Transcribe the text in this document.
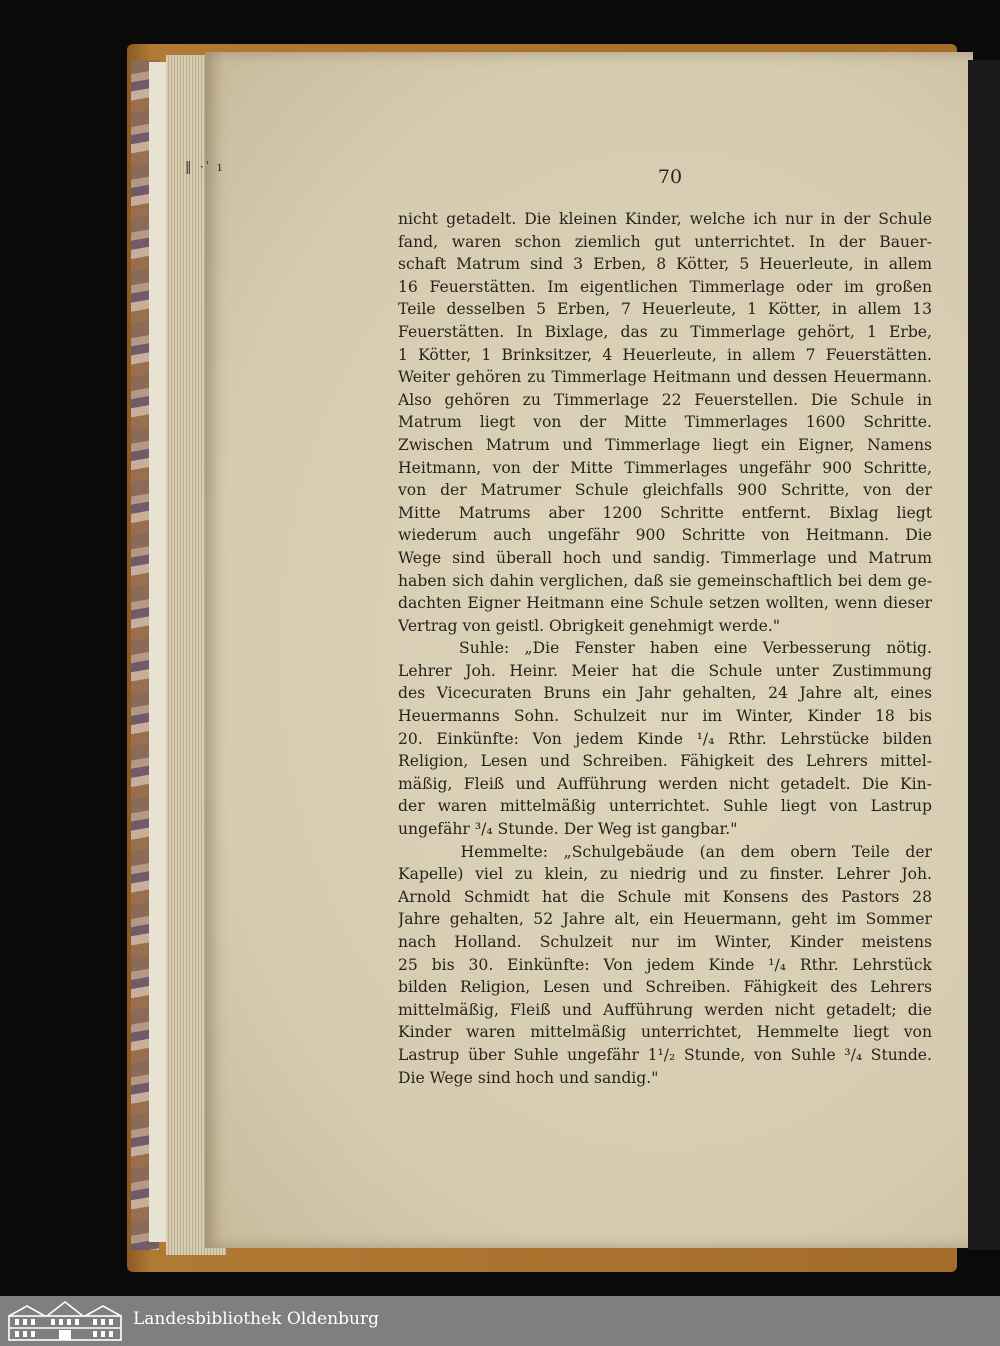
‖ ·ˈ ı	70
nicht getadelt. Die kleinen Kinder, welche ich nur in der Schule
fand, waren schon ziemlich gut unterrichtet. In der Bauer-
schaft Matrum sind 3 Erben, 8 Kötter, 5 Heuerleute, in allem
16 Feuerstätten. Im eigentlichen Timmerlage oder im großen
Teile desselben 5 Erben, 7 Heuerleute, 1 Kötter, in allem 13
Feuerstätten. In Bixlage, das zu Timmerlage gehört, 1 Erbe,
1 Kötter, 1 Brinksitzer, 4 Heuerleute, in allem 7 Feuerstätten.
Weiter gehören zu Timmerlage Heitmann und dessen Heuermann.
Also gehören zu Timmerlage 22 Feuerstellen. Die Schule in
Matrum liegt von der Mitte Timmerlages 1600 Schritte.
Zwischen Matrum und Timmerlage liegt ein Eigner, Namens
Heitmann, von der Mitte Timmerlages ungefähr 900 Schritte,
von der Matrumer Schule gleichfalls 900 Schritte, von der
Mitte Matrums aber 1200 Schritte entfernt. Bixlag liegt
wiederum auch ungefähr 900 Schritte von Heitmann. Die
Wege sind überall hoch und sandig. Timmerlage und Matrum
haben sich dahin verglichen, daß sie gemeinschaftlich bei dem ge-
dachten Eigner Heitmann eine Schule setzen wollten, wenn dieser
Vertrag von geistl. Obrigkeit genehmigt werde."
Suhle: „Die Fenster haben eine Verbesserung nötig.
Lehrer Joh. Heinr. Meier hat die Schule unter Zustimmung
des Vicecuraten Bruns ein Jahr gehalten, 24 Jahre alt, eines
Heuermanns Sohn. Schulzeit nur im Winter, Kinder 18 bis
20. Einkünfte: Von jedem Kinde ¹/₄ Rthr. Lehrstücke bilden
Religion, Lesen und Schreiben. Fähigkeit des Lehrers mittel-
mäßig, Fleiß und Aufführung werden nicht getadelt. Die Kin-
der waren mittelmäßig unterrichtet. Suhle liegt von Lastrup
ungefähr ³/₄ Stunde. Der Weg ist gangbar."
Hemmelte: „Schulgebäude (an dem obern Teile der
Kapelle) viel zu klein, zu niedrig und zu finster. Lehrer Joh.
Arnold Schmidt hat die Schule mit Konsens des Pastors 28
Jahre gehalten, 52 Jahre alt, ein Heuermann, geht im Sommer
nach Holland. Schulzeit nur im Winter, Kinder meistens
25 bis 30. Einkünfte: Von jedem Kinde ¹/₄ Rthr. Lehrstück
bilden Religion, Lesen und Schreiben. Fähigkeit des Lehrers
mittelmäßig, Fleiß und Aufführung werden nicht getadelt; die
Kinder waren mittelmäßig unterrichtet, Hemmelte liegt von
Lastrup über Suhle ungefähr 1¹/₂ Stunde, von Suhle ³/₄ Stunde.
Die Wege sind hoch und sandig."
Landesbibliothek Oldenburg
